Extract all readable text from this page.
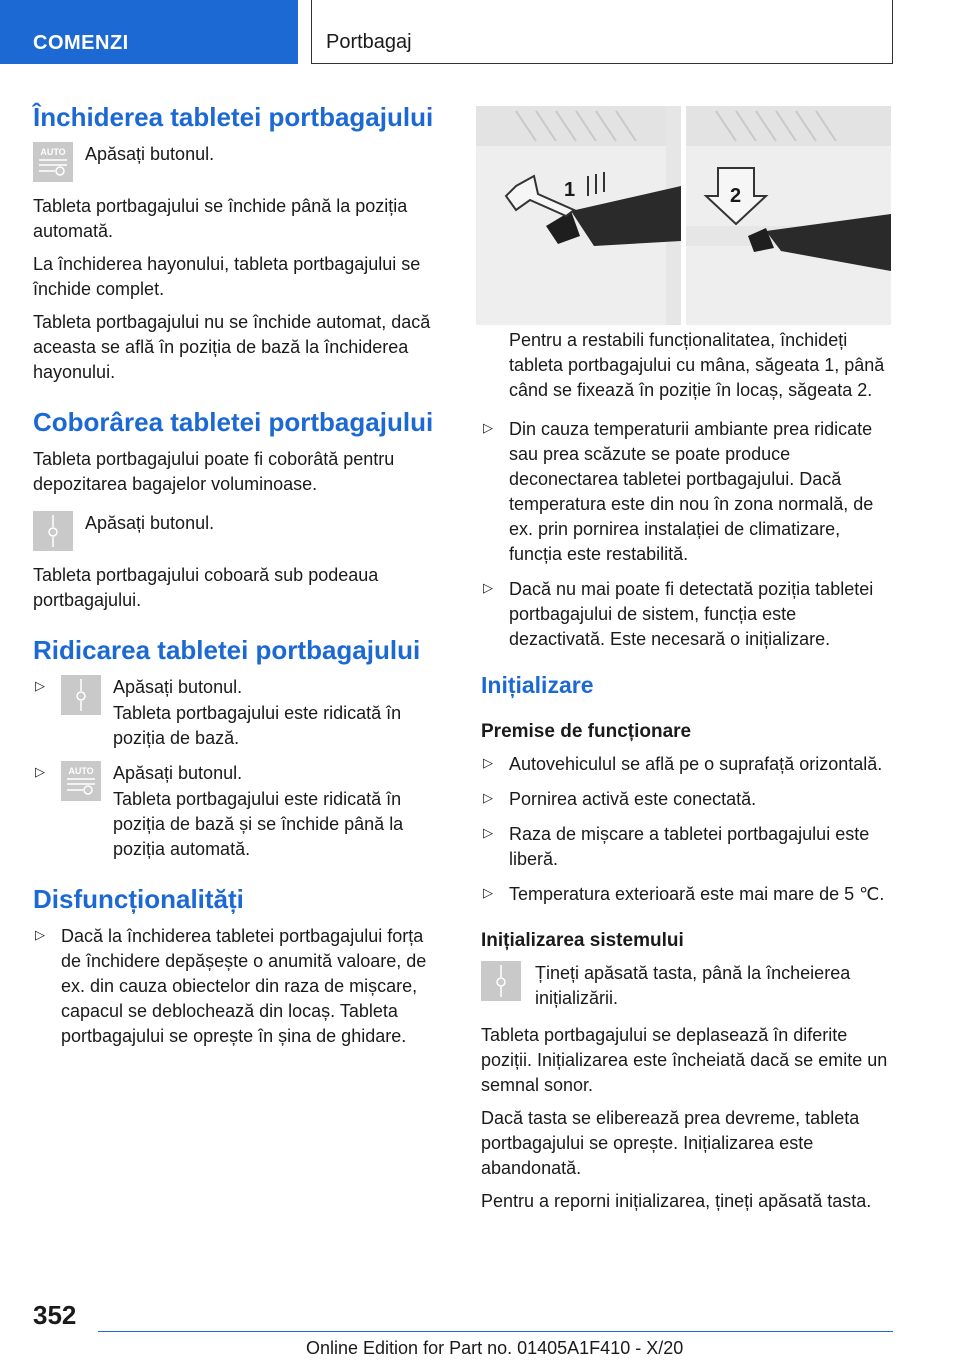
COMENZI	Portbagaj
Închiderea tabletei portbagajului
AUTO Apăsați butonul.

Tableta portbagajului se închide până la poziția automată.

La închiderea hayonului, tableta portbagajului se închide complet.

Tableta portbagajului nu se închide automat, dacă aceasta se află în poziția de bază la închiderea hayonului.

Coborârea tabletei portbagajului

Tableta portbagajului poate fi coborâtă pentru depozitarea bagajelor voluminoase.

Apăsați butonul.

Tableta portbagajului coboară sub podeaua portbagajului.

Ridicarea tabletei portbagajului
▷	Apăsați butonul.

Tableta portbagajului este ridicată în poziția de bază.

▷	AUTO Apăsați butonul.

Tableta portbagajului este ridicată în poziția de bază și se închide până la poziția automată.

Disfuncționalități
▷ Dacă la închiderea tabletei portbagajului forța de închidere depășește o anumită valoare, de ex. din cauza obiectelor din raza de mișcare, capacul se deblochează din locaș. Tableta portbagajului se oprește în șina de ghidare.

1	2

Pentru a restabili funcționalitatea, închideți tableta portbagajului cu mâna, săgeata 1, până când se fixează în poziție în locaș, săgeata 2.

▷ Din cauza temperaturii ambiante prea ridicate sau prea scăzute se poate produce deconectarea tabletei portbagajului. Dacă temperatura este din nou în zona normală, de ex. prin pornirea instalației de climatizare, funcția este restabilită.

▷ Dacă nu mai poate fi detectată poziția tabletei portbagajului de sistem, funcția este dezactivată. Este necesară o inițializare.

Inițializare
Premise de funcționare
▷ Autovehiculul se află pe o suprafață orizontală.

▷ Pornirea activă este conectată.

▷ Raza de mișcare a tabletei portbagajului este liberă.

▷ Temperatura exterioară este mai mare de 5 ℃.

Inițializarea sistemului

Țineți apăsată tasta, până la încheierea inițializării.

Tableta portbagajului se deplasează în diferite poziții. Inițializarea este încheiată dacă se emite un semnal sonor.

Dacă tasta se eliberează prea devreme, tableta portbagajului se oprește. Inițializarea este abandonată.

Pentru a reporni inițializarea, țineți apăsată tasta.

352
Online Edition for Part no. 01405A1F410 - X/20
